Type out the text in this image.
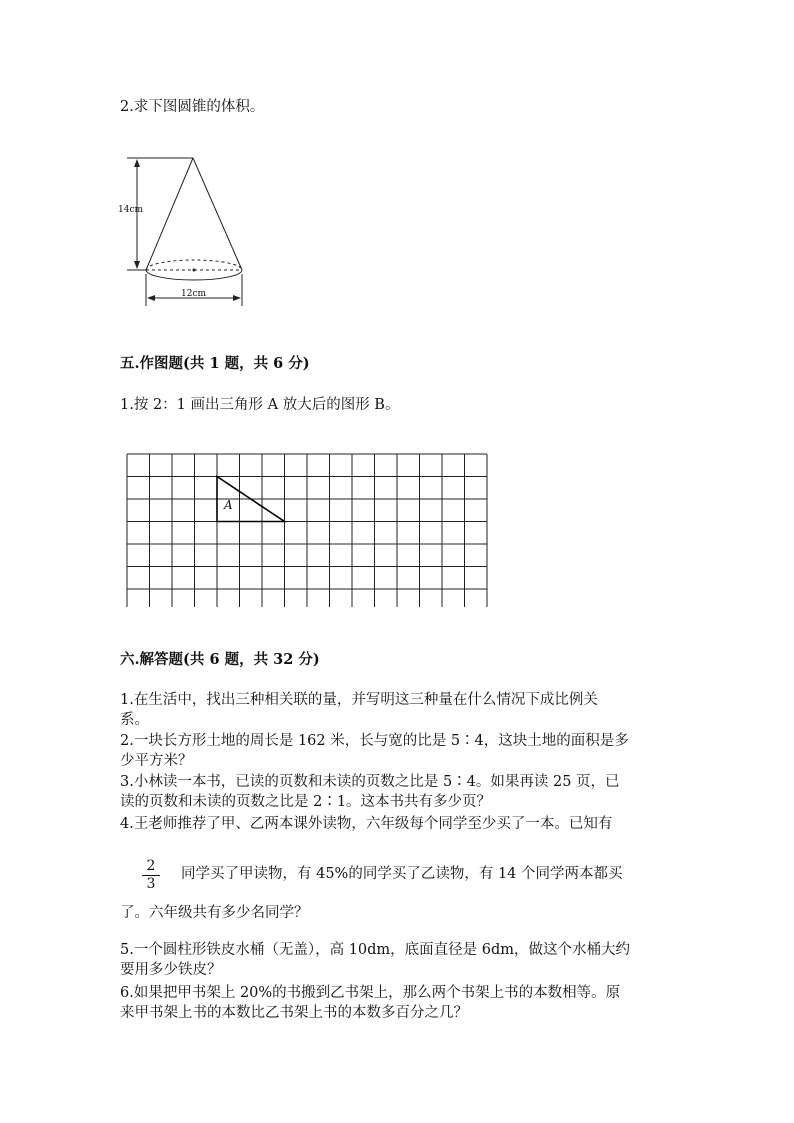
2.求下图圆锥的体积。
14cm
12cm
五.作图题(共 1 题，共 6 分)
1.按 2：1 画出三角形 A 放大后的图形 B。
A
六.解答题(共 6 题，共 32 分)
1.在生活中，找出三种相关联的量，并写明这三种量在什么情况下成比例关
系。
2.一块长方形土地的周长是 162 米，长与宽的比是 5∶4，这块土地的面积是多
少平方米？
3.小林读一本书，已读的页数和未读的页数之比是 5∶4。如果再读 25 页，已
读的页数和未读的页数之比是 2∶1。这本书共有多少页？
4.王老师推荐了甲、乙两本课外读物，六年级每个同学至少买了一本。已知有
2
3
同学买了甲读物，有 45%的同学买了乙读物，有 14 个同学两本都买
了。六年级共有多少名同学？
5.一个圆柱形铁皮水桶（无盖），高 10dm，底面直径是 6dm，做这个水桶大约
要用多少铁皮？
6.如果把甲书架上 20%的书搬到乙书架上，那么两个书架上书的本数相等。原
来甲书架上书的本数比乙书架上书的本数多百分之几？
